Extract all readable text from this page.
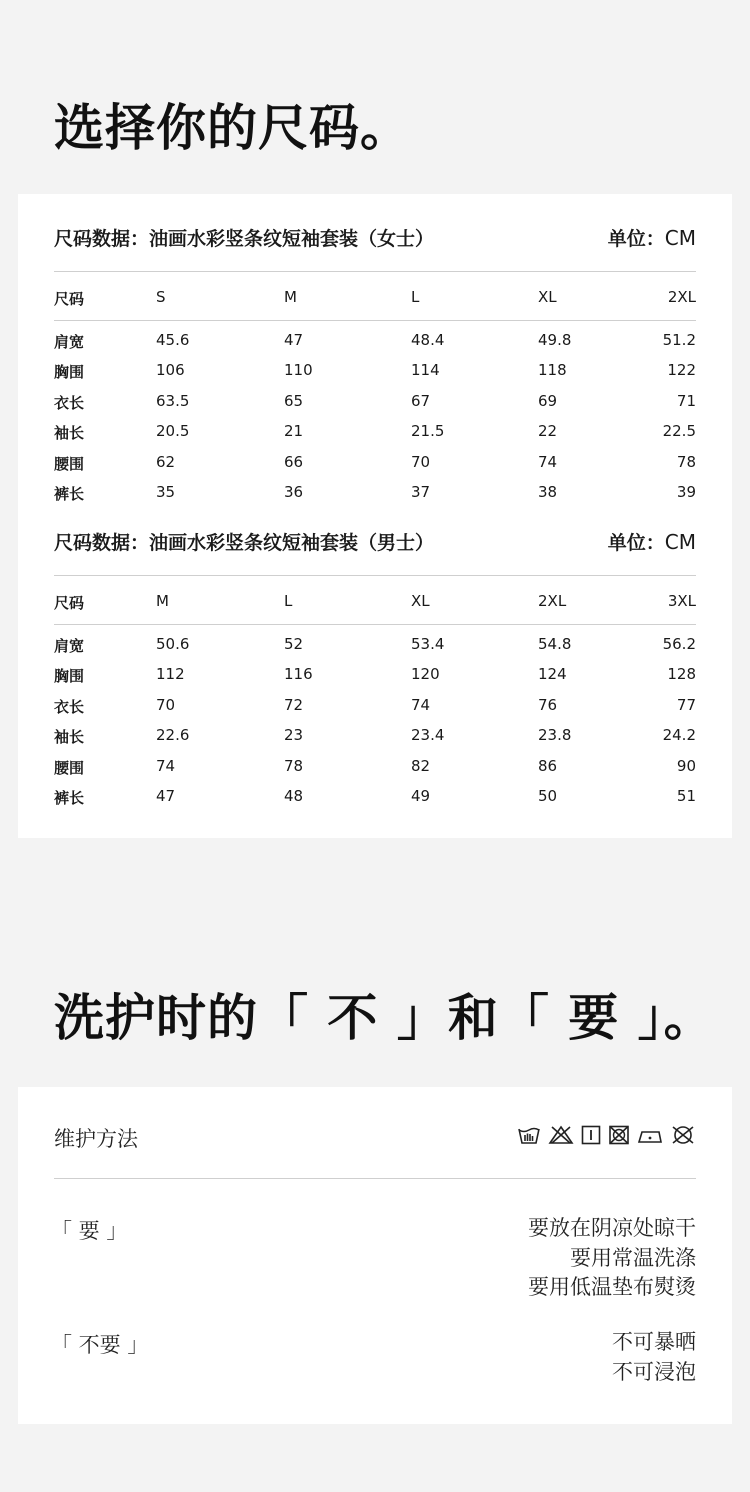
选择你的尺码。
尺码数据：油画水彩竖条纹短袖套装（女士）	单位：CM
尺码	S	M	L	XL	2XL
肩宽	45.6	47	48.4	49.8	51.2
胸围	106	110	114	118	122
衣长	63.5	65	67	69	71
袖长	20.5	21	21.5	22	22.5
腰围	62	66	70	74	78
裤长	35	36	37	38	39
尺码数据：油画水彩竖条纹短袖套装（男士）	单位：CM
尺码	M	L	XL	2XL	3XL
肩宽	50.6	52	53.4	54.8	56.2
胸围	112	116	120	124	128
衣长	70	72	74	76	77
袖长	22.6	23	23.4	23.8	24.2
腰围	74	78	82	86	90
裤长	47	48	49	50	51
洗护时的「 不 」和「 要 」。
维护方法
「 要 」	要放在阴凉处晾干
要用常温洗涤
要用低温垫布熨烫
「 不要 」	不可暴晒
不可浸泡
